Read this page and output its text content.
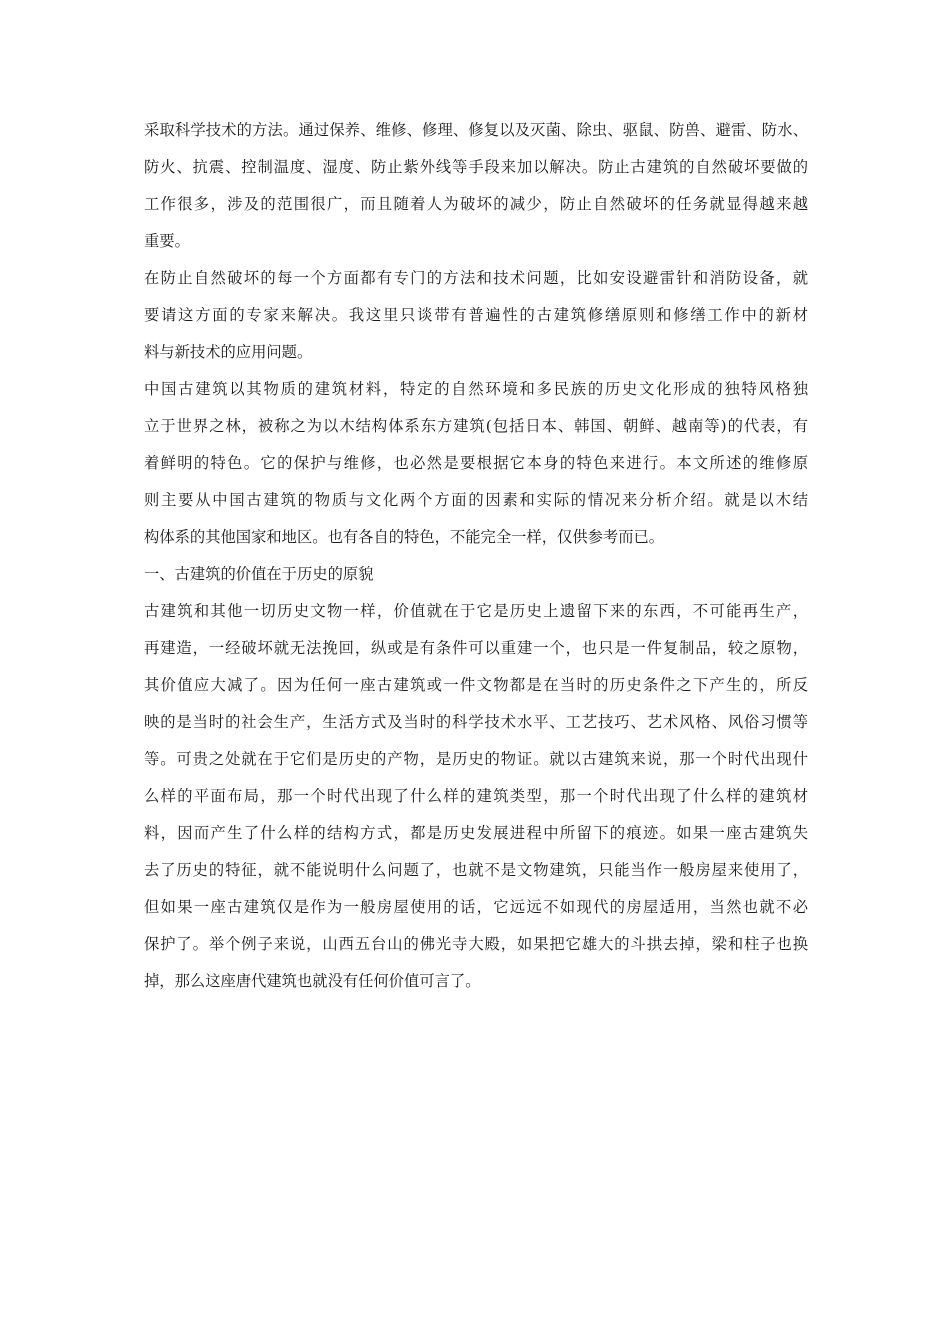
采取科学技术的方法。通过保养、维修、修理、修复以及灭菌、除虫、驱鼠、防兽、避雷、防水、
防火、抗震、控制温度、湿度、防止紫外线等手段来加以解决。防止古建筑的自然破坏要做的
工作很多，涉及的范围很广，而且随着人为破坏的减少，防止自然破坏的任务就显得越来越
重要。
在防止自然破坏的每一个方面都有专门的方法和技术问题，比如安设避雷针和消防设备，就
要请这方面的专家来解决。我这里只谈带有普遍性的古建筑修缮原则和修缮工作中的新材
料与新技术的应用问题。
中国古建筑以其物质的建筑材料，特定的自然环境和多民族的历史文化形成的独特风格独
立于世界之林，被称之为以木结构体系东方建筑(包括日本、韩国、朝鲜、越南等)的代表，有
着鲜明的特色。它的保护与维修，也必然是要根据它本身的特色来进行。本文所述的维修原
则主要从中国古建筑的物质与文化两个方面的因素和实际的情况来分析介绍。就是以木结
构体系的其他国家和地区。也有各自的特色，不能完全一样，仅供参考而已。
一、古建筑的价值在于历史的原貌
古建筑和其他一切历史文物一样，价值就在于它是历史上遗留下来的东西，不可能再生产，
再建造，一经破坏就无法挽回，纵或是有条件可以重建一个，也只是一件复制品，较之原物，
其价值应大减了。因为任何一座古建筑或一件文物都是在当时的历史条件之下产生的，所反
映的是当时的社会生产，生活方式及当时的科学技术水平、工艺技巧、艺术风格、风俗习惯等
等。可贵之处就在于它们是历史的产物，是历史的物证。就以古建筑来说，那一个时代出现什
么样的平面布局，那一个时代出现了什么样的建筑类型，那一个时代出现了什么样的建筑材
料，因而产生了什么样的结构方式，都是历史发展进程中所留下的痕迹。如果一座古建筑失
去了历史的特征，就不能说明什么问题了，也就不是文物建筑，只能当作一般房屋来使用了，
但如果一座古建筑仅是作为一般房屋使用的话，它远远不如现代的房屋适用，当然也就不必
保护了。举个例子来说，山西五台山的佛光寺大殿，如果把它雄大的斗拱去掉，梁和柱子也换
掉，那么这座唐代建筑也就没有任何价值可言了。
